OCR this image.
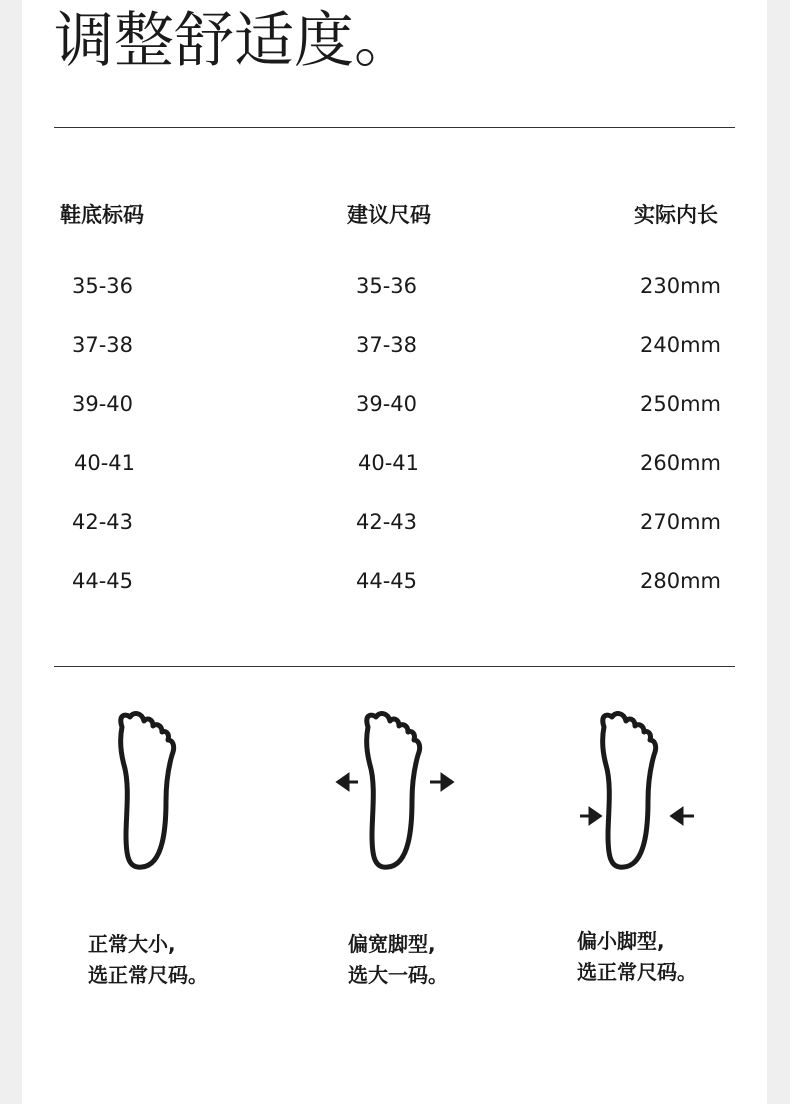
调整舒适度。
鞋底标码	建议尺码	实际内长
35-36	35-36	230mm
37-38	37-38	240mm
39-40	39-40	250mm
40-41	40-41	260mm
42-43	42-43	270mm
44-45	44-45	280mm
正常大小,
选正常尺码。
偏宽脚型,
选大一码。
偏小脚型,
选正常尺码。
